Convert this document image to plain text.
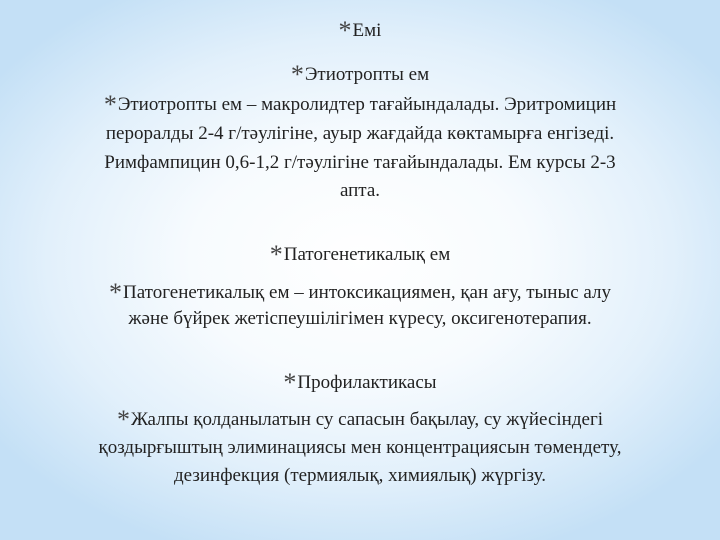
*Емі
*Этиотропты ем
*Этиотропты ем – макролидтер тағайындалады. Эритромицин
пероралды 2-4 г/тәулігіне, ауыр жағдайда көктамырға енгізеді.
Римфампицин 0,6-1,2 г/тәулігіне тағайындалады. Ем курсы 2-3
апта.
*Патогенетикалық ем
*Патогенетикалық ем – интоксикациямен, қан ағу, тыныс алу
және бүйрек жетіспеушілігімен күресу, оксигенотерапия.
*Профилактикасы
*Жалпы қолданылатын су сапасын бақылау, су жүйесіндегі
қоздырғыштың элиминациясы мен концентрациясын төмендету,
дезинфекция (термиялық, химиялық) жүргізу.
